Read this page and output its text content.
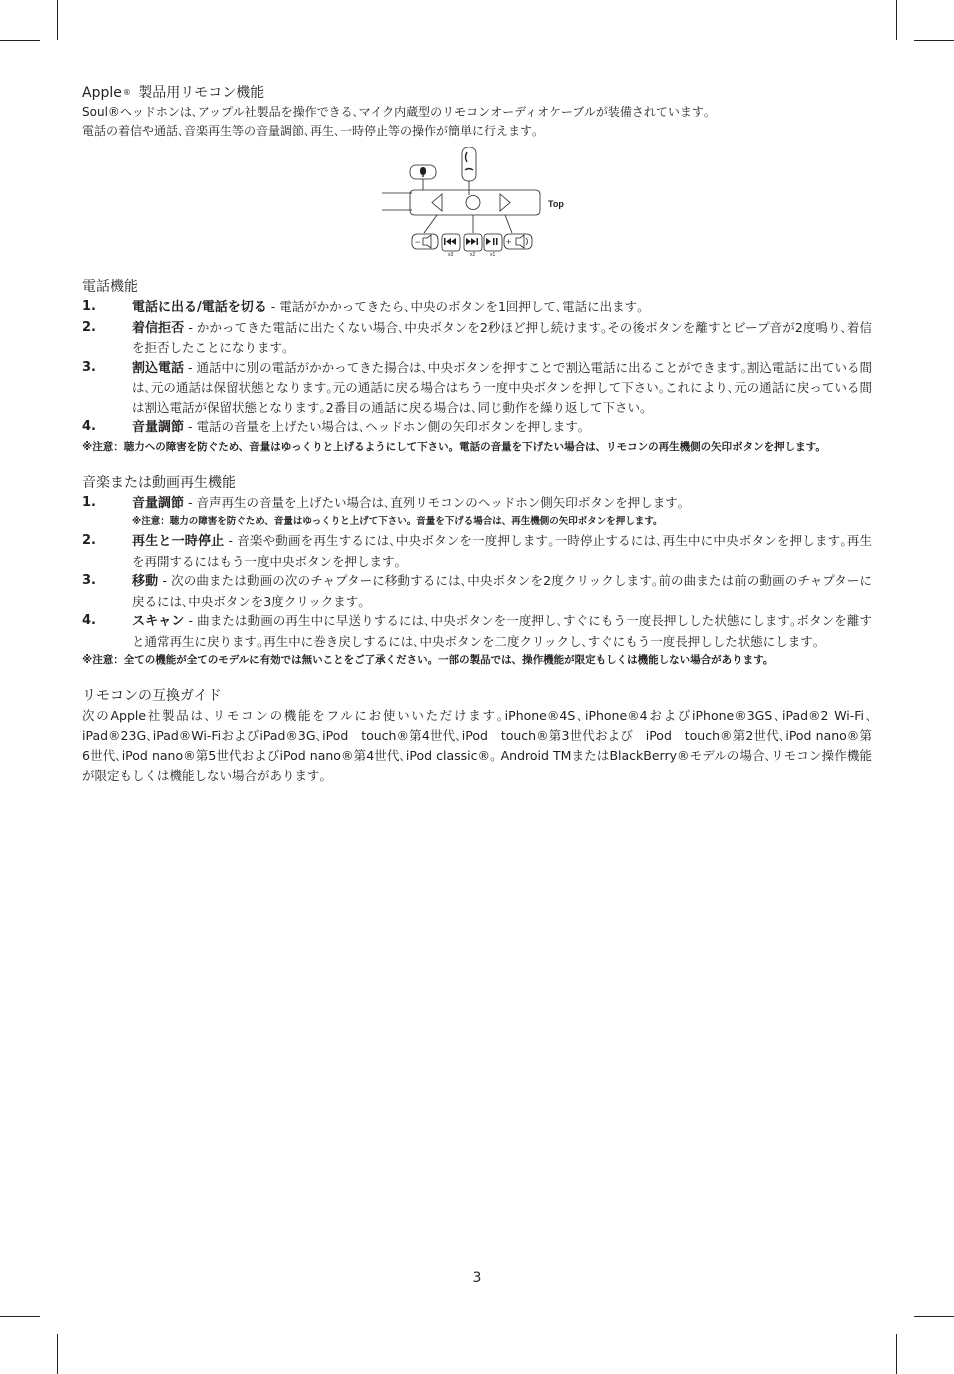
Apple® 製品用リモコン機能

Soul®ヘッドホンは､アップル社製品を操作できる､マイク内蔵型のリモコンオーディオケーブルが装備されています｡

電話の着信や通話､音楽再生等の音量調節､再生､一時停止等の操作が簡単に行えます｡

Top
−	+
x3	x2	x1
電話機能
1.	電話に出る/電話を切る - 電話がかかってきたら､中央のボタンを1回押して､電話に出ます｡
2.	着信拒否 - かかってきた電話に出たくない場合､中央ボタンを2秒ほど押し続けます｡その後ボタンを離すとビープ音が2度鳴り､着信を拒否したことになります｡
3.	割込電話 - 通話中に別の電話がかかってきた揚合は､中央ボタンを押すことで割込電話に出ることができます｡割込電話に出ている間は､元の通話は保留状態となります｡元の通話に戻る場合はちう一度中央ボタンを押して下さい｡これにより､元の通話に戻っている間は割込電話が保留状態となります｡2番目の通話に戻る場合は､同じ動作を繰り返して下さい｡
4.	音量調節 - 電話の音量を上げたい場合は､ヘッドホン側の矢印ボタンを押します｡

※注意：聴力への障害を防ぐため、音量はゆっくりと上げるようにして下さい。電話の音量を下げたい場合は、リモコンの再生機側の矢印ボタンを押します。

音楽または動画再生機能
1.	音量調節 - 音声再生の音量を上げたい場合は､直列リモコンのヘッドホン側矢印ボタンを押します｡

※注意：聴力の障害を防ぐため、音量はゆっくりと上げて下さい。音量を下げる場合は、再生機側の矢印ボタンを押します。

2.	再生と一時停止 - 音楽や動画を再生するには､中央ボタンを一度押します｡一時停止するには､再生中に中央ボタンを押します｡再生を再開するにはもう一度中央ボタンを押します｡
3.	移動 - 次の曲または動画の次のチャプターに移動するには､中央ボタンを2度クリックします｡前の曲または前の動画のチャプターに戻るには､中央ボタンを3度クリックます｡
4.	スキャン - 曲または動画の再生中に早送りするには､中央ボタンを一度押し､すぐにもう一度長押しした状態にします｡ボタンを離すと通常再生に戻ります｡再生中に巻き戻しするには､中央ボタンを二度クリックし､すぐにもう一度長押しした状態にします｡

※注意：全ての機能が全てのモデルに有効では無いことをご了承ください。一部の製品では、操作機能が限定もしくは機能しない場合があります。

リモコンの互換ガイド

次のApple社製品は､リモコンの機能をフルにお使いいただけます｡iPhone®4S､iPhone®4およびiPhone®3GS､iPad®2 Wi-Fi､iPad®23G､iPad®Wi-FiおよびiPad®3G､iPod　touch®第4世代､iPod　touch®第3世代および　iPod　touch®第2世代､iPod nano®第6世代､iPod nano®第5世代およびiPod nano®第4世代､iPod classic®｡ Android TMまたはBlackBerry®モデルの場合､リモコン操作機能が限定もしくは機能しない場合があります｡

3
